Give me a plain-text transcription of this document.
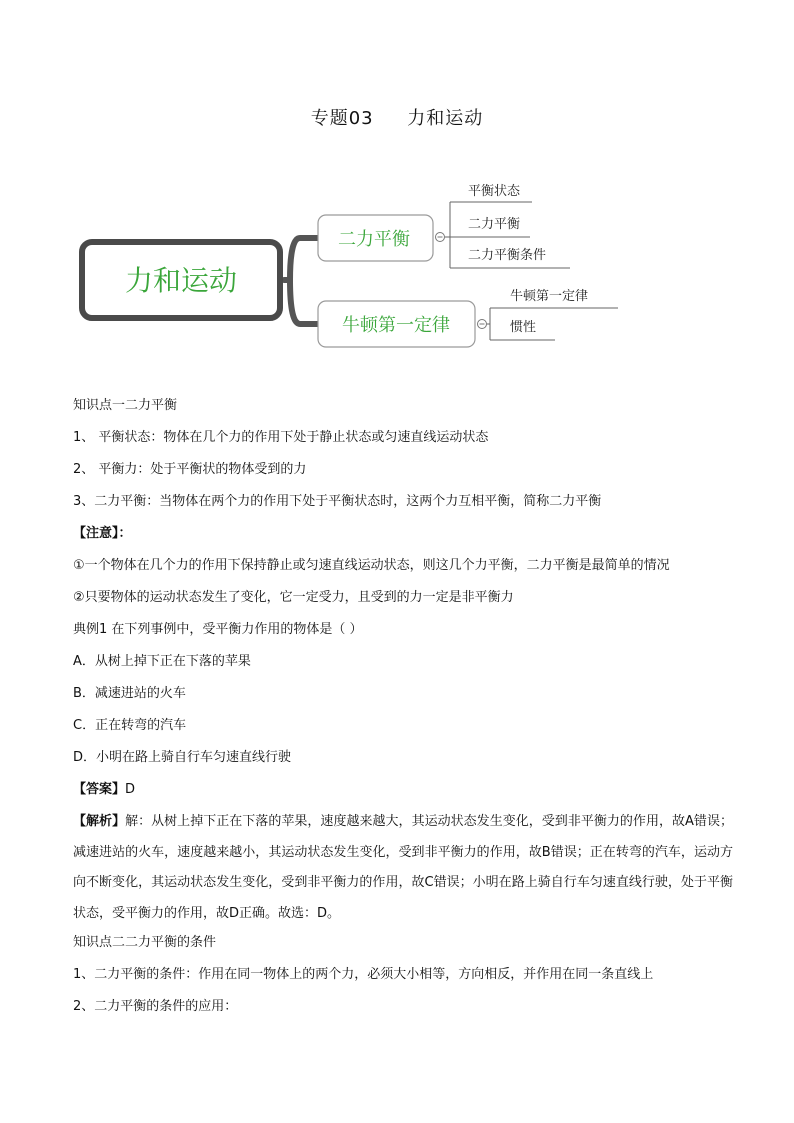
专题03     力和运动
力和运动
二力平衡
平衡状态
二力平衡
二力平衡条件
牛顿第一定律
牛顿第一定律
惯性

知识点一二力平衡

1、 平衡状态：物体在几个力的作用下处于静止状态或匀速直线运动状态

2、 平衡力：处于平衡状的物体受到的力

3、二力平衡：当物体在两个力的作用下处于平衡状态时，这两个力互相平衡，简称二力平衡

【注意】：

①一个物体在几个力的作用下保持静止或匀速直线运动状态，则这几个力平衡，二力平衡是最简单的情况

②只要物体的运动状态发生了变化，它一定受力，且受到的力一定是非平衡力

典例1 在下列事例中，受平衡力作用的物体是（ ）

A．从树上掉下正在下落的苹果

B．减速进站的火车

C．正在转弯的汽车

D．小明在路上骑自行车匀速直线行驶

【答案】D

【解析】解：从树上掉下正在下落的苹果，速度越来越大，其运动状态发生变化，受到非平衡力的作用，故A错误；减速进站的火车，速度越来越小，其运动状态发生变化，受到非平衡力的作用，故B错误；正在转弯的汽车，运动方向不断变化，其运动状态发生变化，受到非平衡力的作用，故C错误；小明在路上骑自行车匀速直线行驶，处于平衡状态，受平衡力的作用，故D正确。故选：D。

知识点二二力平衡的条件

1、二力平衡的条件：作用在同一物体上的两个力，必须大小相等，方向相反，并作用在同一条直线上

2、二力平衡的条件的应用：
